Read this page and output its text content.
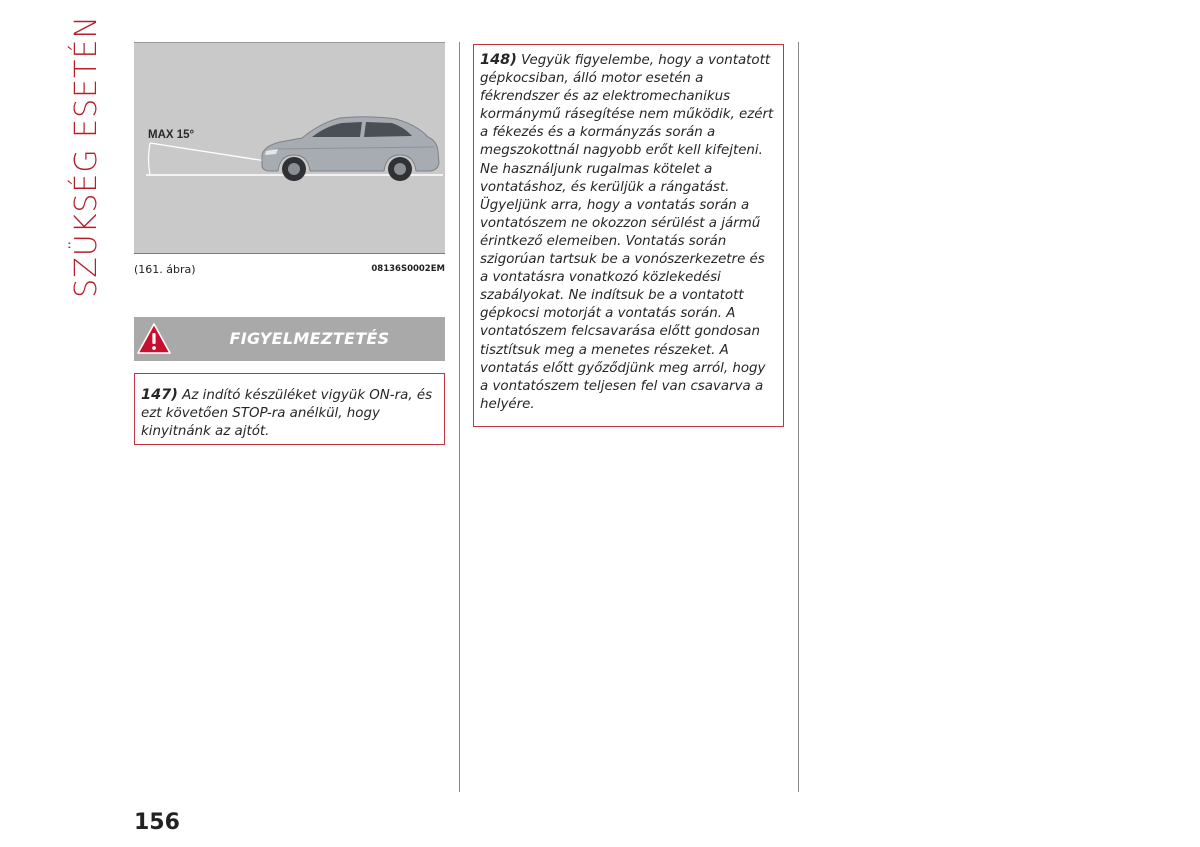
SZÜKSÉG ESETÉN	MAX 15°
(161. ábra)	08136S0002EM
FIGYELMEZTETÉS
147) Az indító készüléket vigyük ON-ra, és ezt követően STOP-ra anélkül, hogy kinyitnánk az ajtót.
148) Vegyük figyelembe, hogy a vontatott gépkocsiban, álló motor esetén a fékrendszer és az elektromechanikus kormánymű rásegítése nem működik, ezért a fékezés és a kormányzás során a megszokottnál nagyobb erőt kell kifejteni. Ne használjunk rugalmas kötelet a vontatáshoz, és kerüljük a rángatást. Ügyeljünk arra, hogy a vontatás során a vontatószem ne okozzon sérülést a jármű érintkező elemeiben. Vontatás során szigorúan tartsuk be a vonószerkezetre és a vontatásra vonatkozó közlekedési szabályokat. Ne indítsuk be a vontatott gépkocsi motorját a vontatás során. A vontatószem felcsavarása előtt gondosan tisztítsuk meg a menetes részeket. A vontatás előtt győződjünk meg arról, hogy a vontatószem teljesen fel van csavarva a helyére.
156
